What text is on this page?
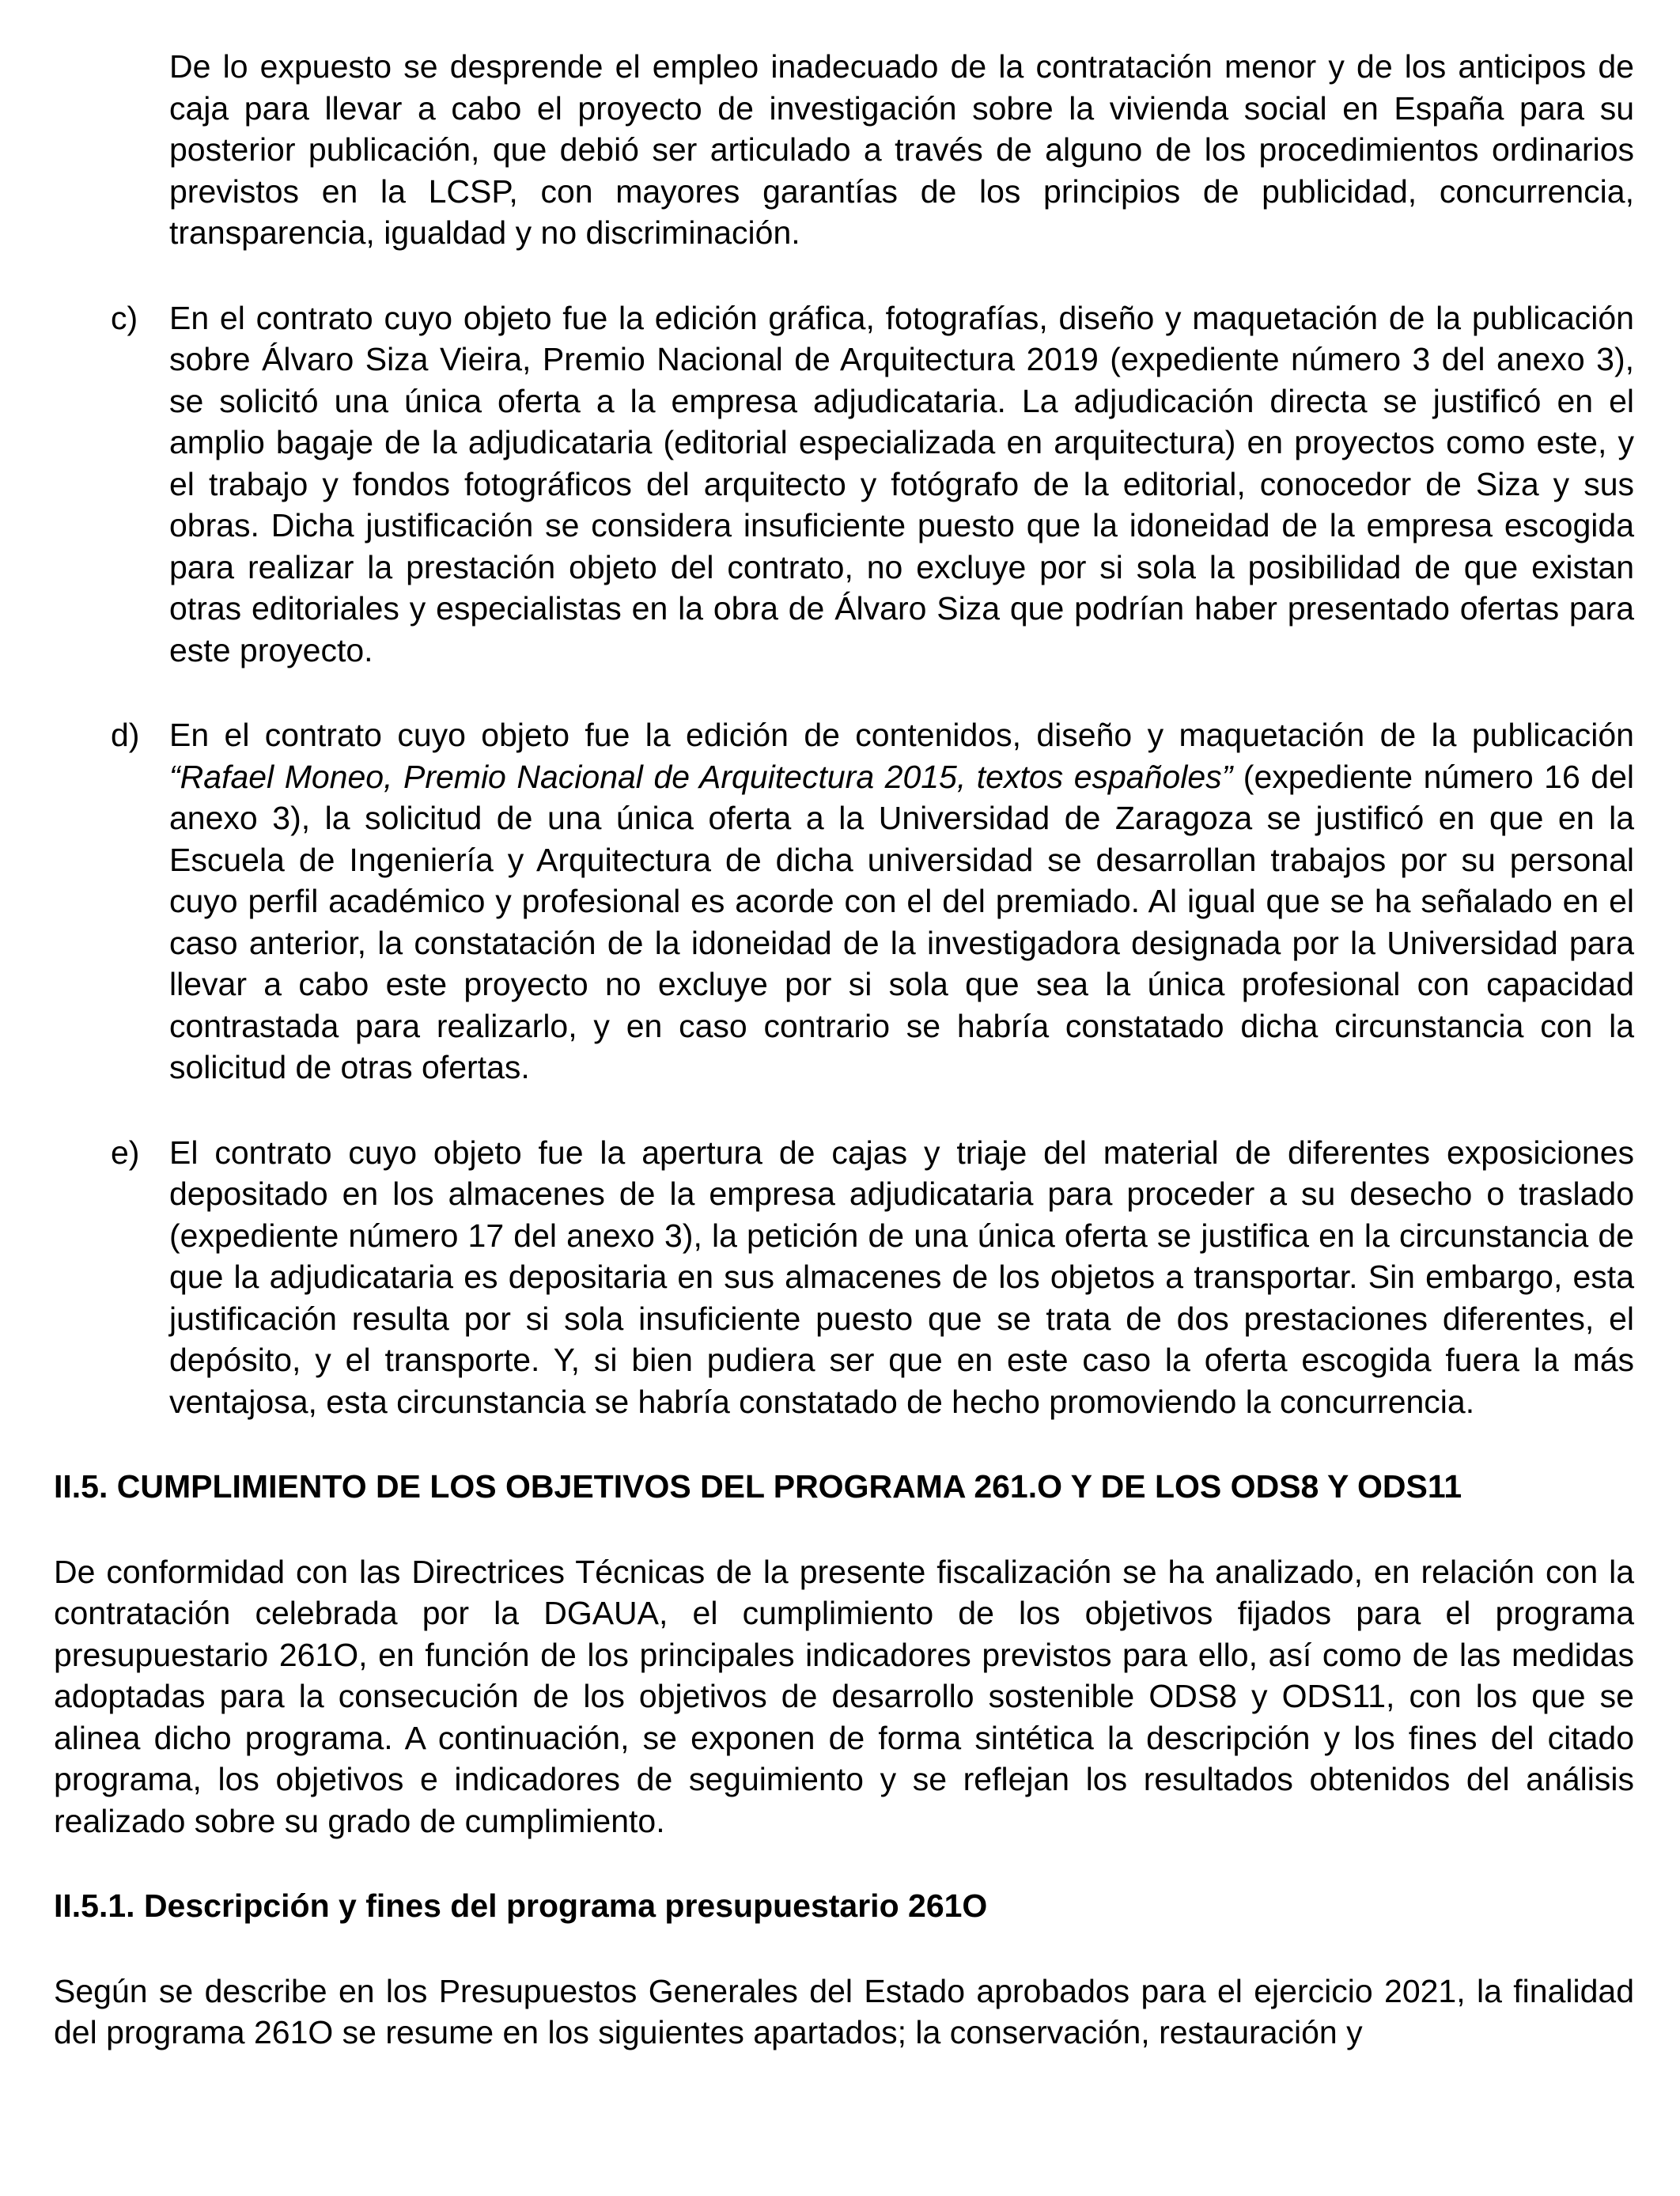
De lo expuesto se desprende el empleo inadecuado de la contratación menor y de los anticipos de caja para llevar a cabo el proyecto de investigación sobre la vivienda social en España para su posterior publicación, que debió ser articulado a través de alguno de los procedimientos ordinarios previstos en la LCSP, con mayores garantías de los principios de publicidad, concurrencia, transparencia, igualdad y no discriminación.

c) En el contrato cuyo objeto fue la edición gráfica, fotografías, diseño y maquetación de la publicación sobre Álvaro Siza Vieira, Premio Nacional de Arquitectura 2019 (expediente número 3 del anexo 3), se solicitó una única oferta a la empresa adjudicataria. La adjudicación directa se justificó en el amplio bagaje de la adjudicataria (editorial especializada en arquitectura) en proyectos como este, y el trabajo y fondos fotográficos del arquitecto y fotógrafo de la editorial, conocedor de Siza y sus obras. Dicha justificación se considera insuficiente puesto que la idoneidad de la empresa escogida para realizar la prestación objeto del contrato, no excluye por si sola la posibilidad de que existan otras editoriales y especialistas en la obra de Álvaro Siza que podrían haber presentado ofertas para este proyecto.

d) En el contrato cuyo objeto fue la edición de contenidos, diseño y maquetación de la publicación “Rafael Moneo, Premio Nacional de Arquitectura 2015, textos españoles” (expediente número 16 del anexo 3), la solicitud de una única oferta a la Universidad de Zaragoza se justificó en que en la Escuela de Ingeniería y Arquitectura de dicha universidad se desarrollan trabajos por su personal cuyo perfil académico y profesional es acorde con el del premiado. Al igual que se ha señalado en el caso anterior, la constatación de la idoneidad de la investigadora designada por la Universidad para llevar a cabo este proyecto no excluye por si sola que sea la única profesional con capacidad contrastada para realizarlo, y en caso contrario se habría constatado dicha circunstancia con la solicitud de otras ofertas.

e) El contrato cuyo objeto fue la apertura de cajas y triaje del material de diferentes exposiciones depositado en los almacenes de la empresa adjudicataria para proceder a su desecho o traslado (expediente número 17 del anexo 3), la petición de una única oferta se justifica en la circunstancia de que la adjudicataria es depositaria en sus almacenes de los objetos a transportar. Sin embargo, esta justificación resulta por si sola insuficiente puesto que se trata de dos prestaciones diferentes, el depósito, y el transporte. Y, si bien pudiera ser que en este caso la oferta escogida fuera la más ventajosa, esta circunstancia se habría constatado de hecho promoviendo la concurrencia.

II.5. CUMPLIMIENTO DE LOS OBJETIVOS DEL PROGRAMA 261.O Y DE LOS ODS8 Y ODS11

De conformidad con las Directrices Técnicas de la presente fiscalización se ha analizado, en relación con la contratación celebrada por la DGAUA, el cumplimiento de los objetivos fijados para el programa presupuestario 261O, en función de los principales indicadores previstos para ello, así como de las medidas adoptadas para la consecución de los objetivos de desarrollo sostenible ODS8 y ODS11, con los que se alinea dicho programa. A continuación, se exponen de forma sintética la descripción y los fines del citado programa, los objetivos e indicadores de seguimiento y se reflejan los resultados obtenidos del análisis realizado sobre su grado de cumplimiento.

II.5.1. Descripción y fines del programa presupuestario 261O

Según se describe en los Presupuestos Generales del Estado aprobados para el ejercicio 2021, la finalidad del programa 261O se resume en los siguientes apartados; la conservación, restauración y
